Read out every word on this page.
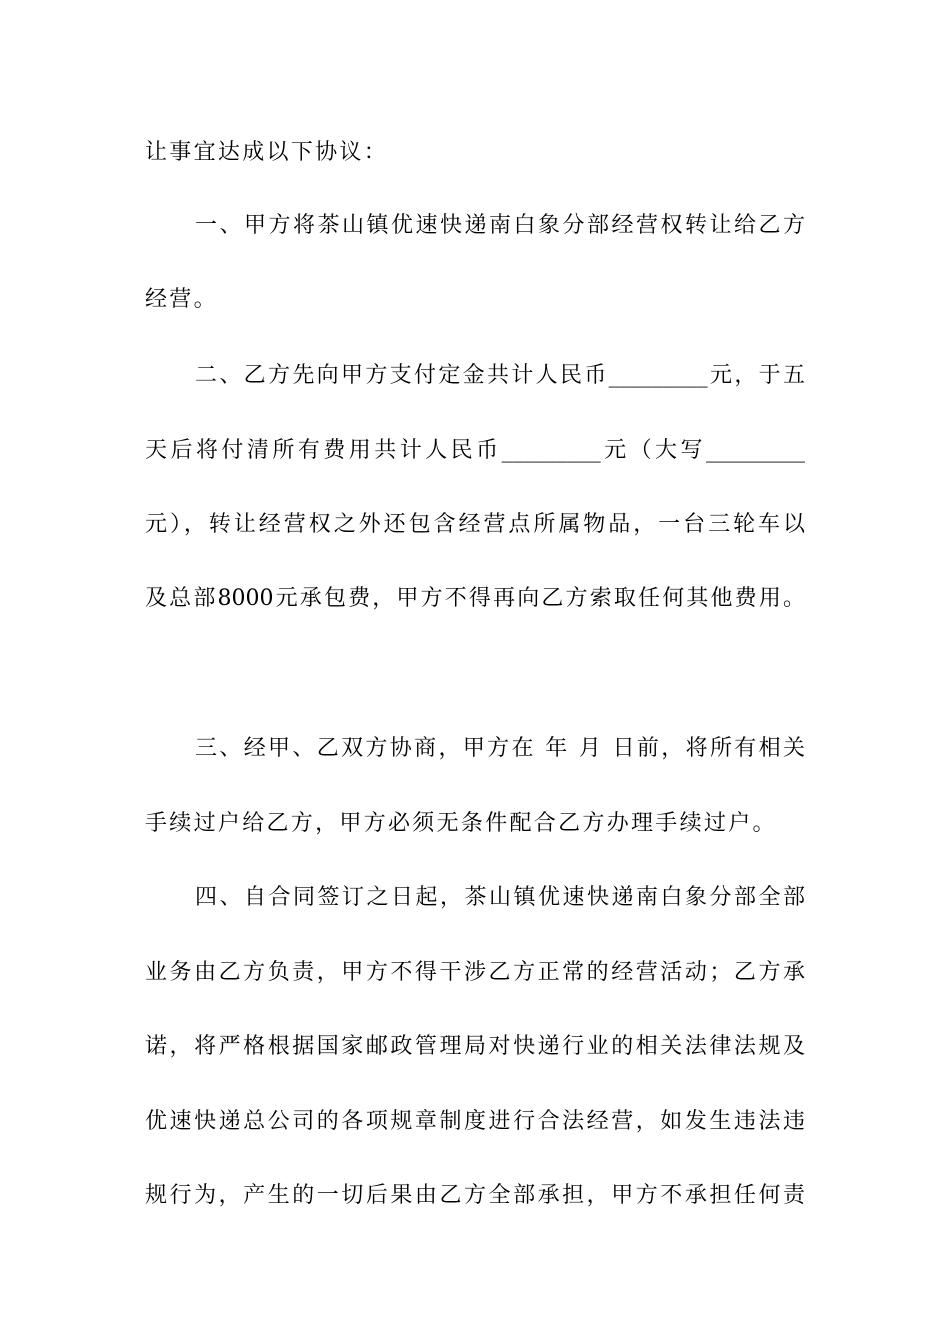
让事宜达成以下协议：
一、甲方将茶山镇优速快递南白象分部经营权转让给乙方
经营。
二、乙方先向甲方支付定金共计人民币_________元，于五
天后将付清所有费用共计人民币_________元（大写_________
元），转让经营权之外还包含经营点所属物品，一台三轮车以
及总部8000元承包费，甲方不得再向乙方索取任何其他费用。
三、经甲、乙双方协商，甲方在 年 月 日前，将所有相关
手续过户给乙方，甲方必须无条件配合乙方办理手续过户。
四、自合同签订之日起，茶山镇优速快递南白象分部全部
业务由乙方负责，甲方不得干涉乙方正常的经营活动；乙方承
诺，将严格根据国家邮政管理局对快递行业的相关法律法规及
优速快递总公司的各项规章制度进行合法经营，如发生违法违
规行为，产生的一切后果由乙方全部承担，甲方不承担任何责
